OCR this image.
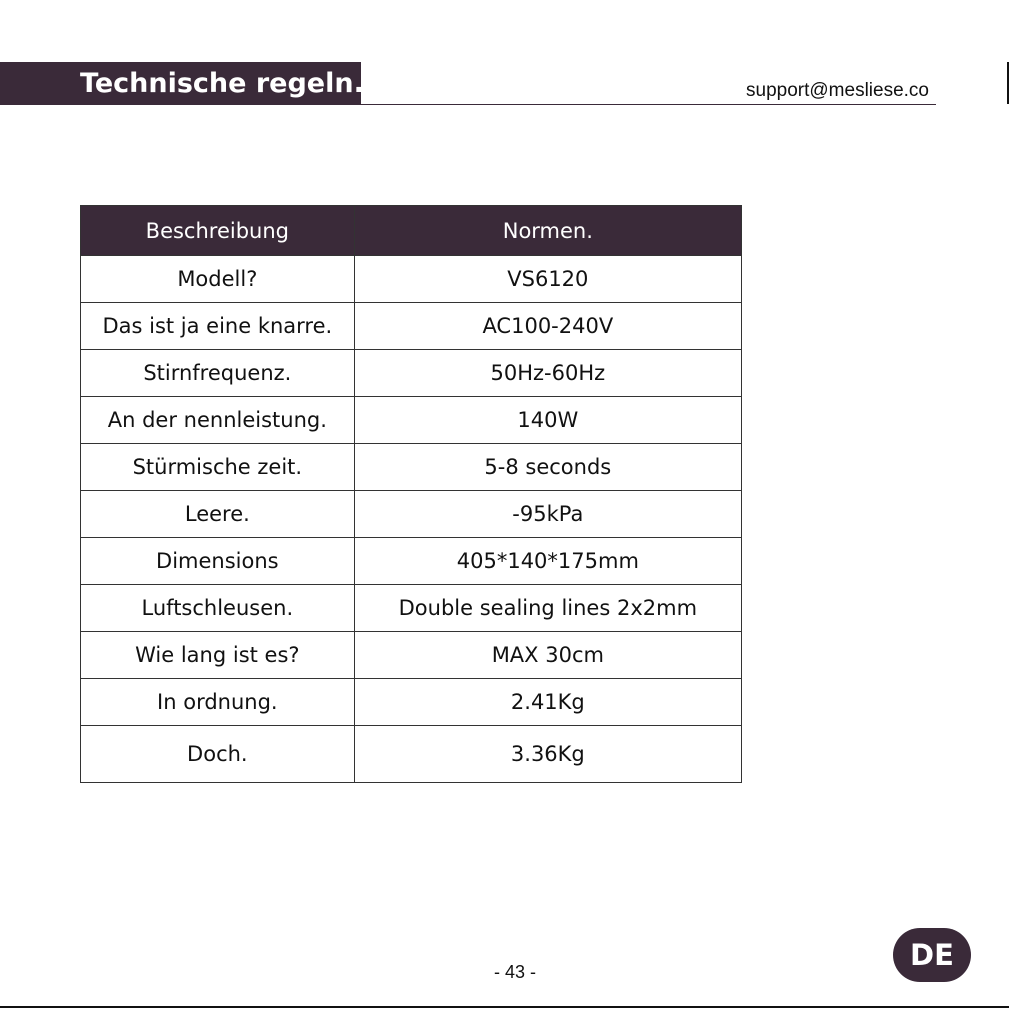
Technische regeln.	support@mesliese.co
Beschreibung	Normen.
Modell?	VS6120
Das ist ja eine knarre.	AC100-240V
Stirnfrequenz.	50Hz-60Hz
An der nennleistung.	140W
Stürmische zeit.	5-8 seconds
Leere.	-95kPa
Dimensions	405*140*175mm
Luftschleusen.	Double sealing lines 2x2mm
Wie lang ist es?	MAX 30cm
In ordnung.	2.41Kg
Doch.	3.36Kg
- 43 -	DE
